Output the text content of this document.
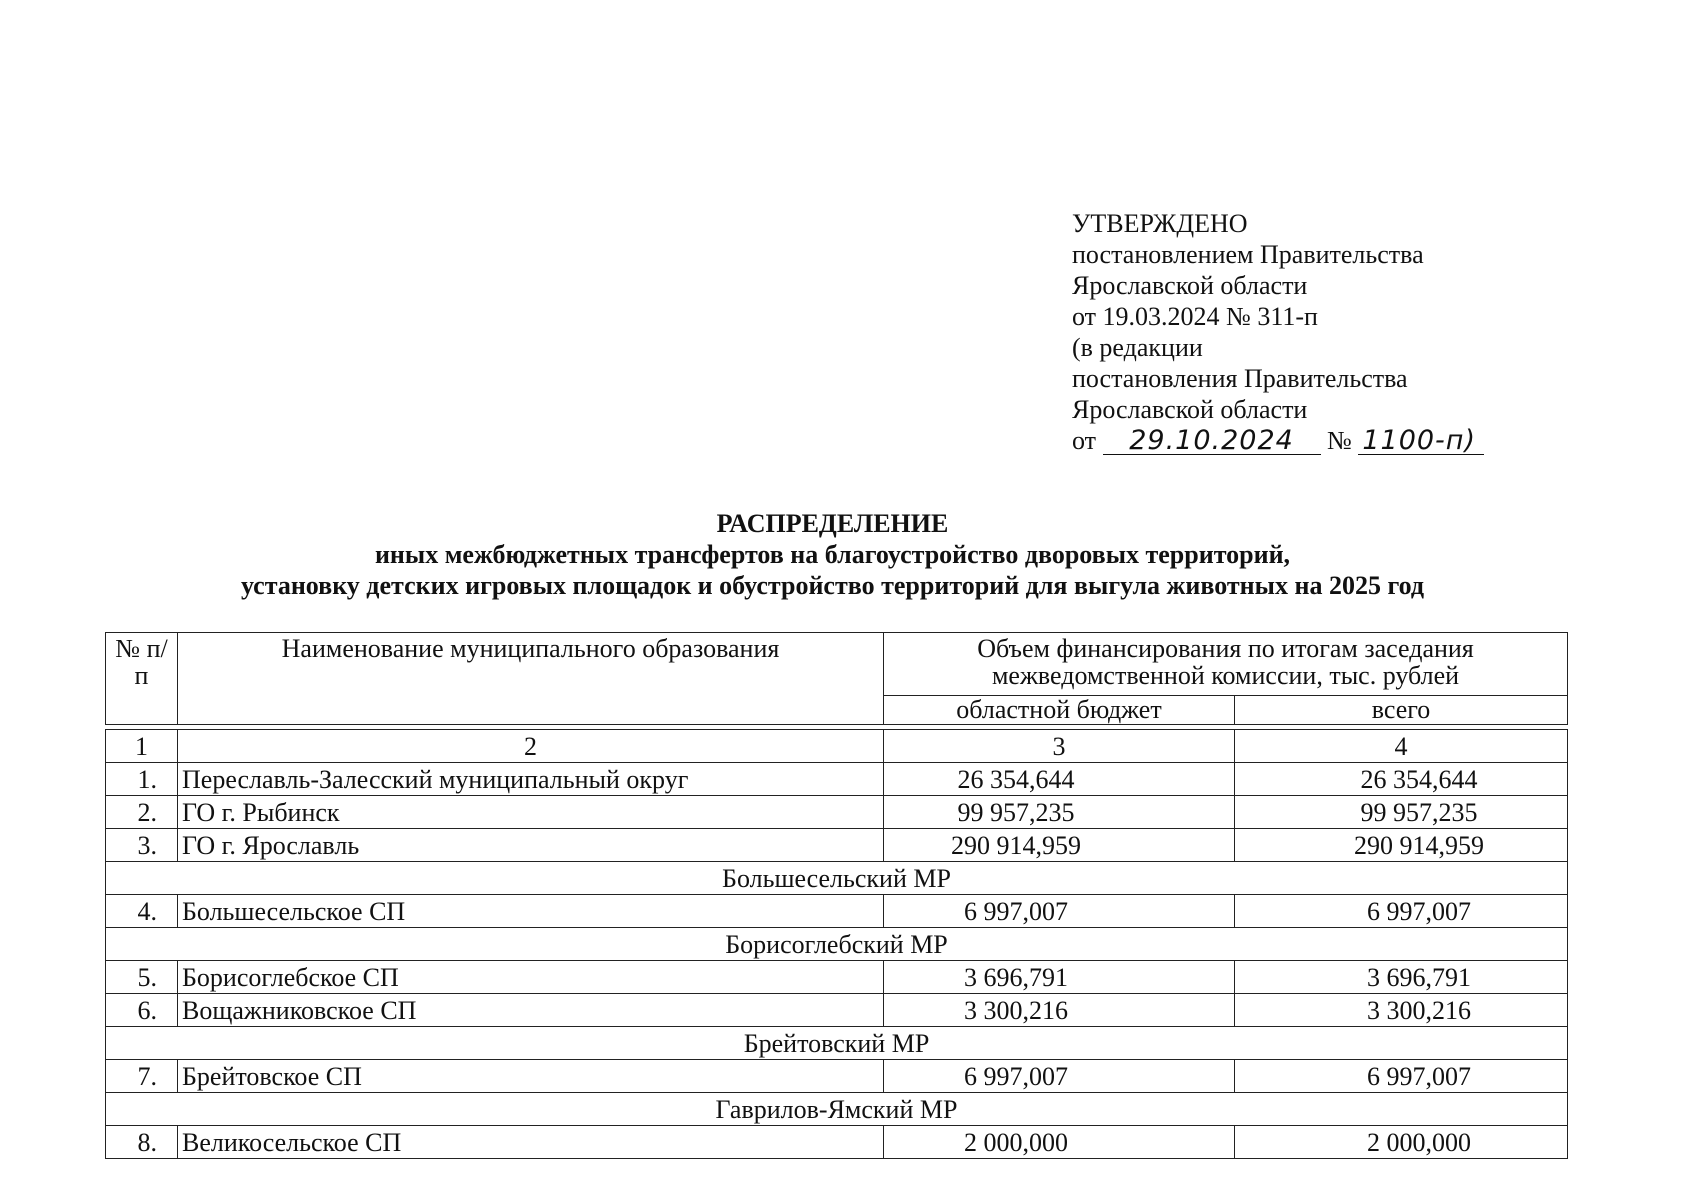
УТВЕРЖДЕНО
постановлением Правительства
Ярославской области
от 19.03.2024 № 311-п
(в редакции
постановления Правительства
Ярославской области
от 29.10.2024 № 1100-п)
РАСПРЕДЕЛЕНИЕ
иных межбюджетных трансфертов на благоустройство дворовых территорий,
установку детских игровых площадок и обустройство территорий для выгула животных на 2025 год
№ п/п	Наименование муниципального образования	Объем финансирования по итогам заседания межведомственной комиссии, тыс. рублей	
		областной бюджет	всего

1	2	3	4
1.	Переславль-Залесский муниципальный округ	26 354,644	26 354,644
2.	ГО г. Рыбинск	99 957,235	99 957,235
3.	ГО г. Ярославль	290 914,959	290 914,959
Большесельский МР			
4.	Большесельское СП	6 997,007	6 997,007
Борисоглебский МР			
5.	Борисоглебское СП	3 696,791	3 696,791
6.	Вощажниковское СП	3 300,216	3 300,216
Брейтовский МР			
7.	Брейтовское СП	6 997,007	6 997,007
Гаврилов-Ямский МР			
8.	Великосельское СП	2 000,000	2 000,000
